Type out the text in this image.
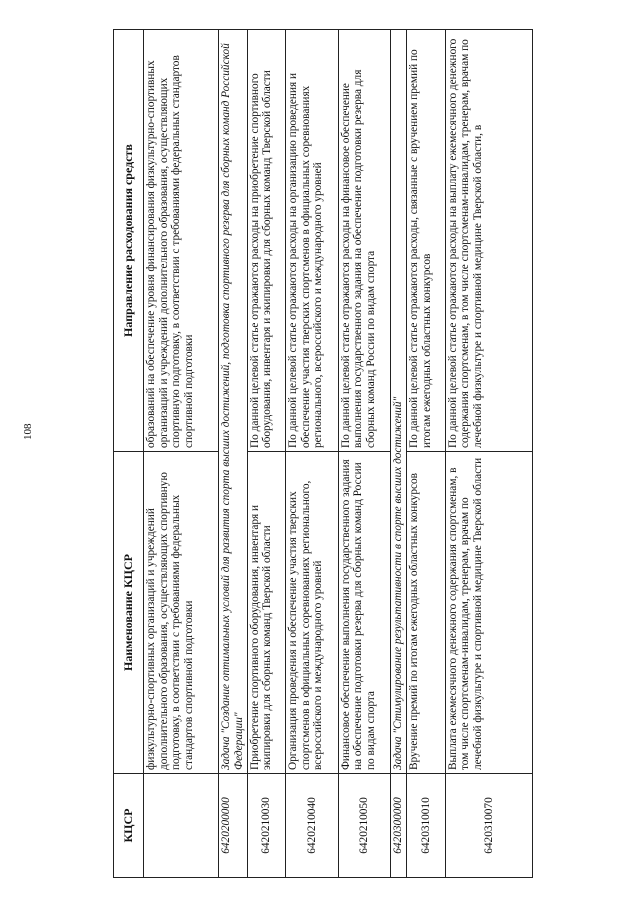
108
КЦСР	Наименование КЦСР	Направление расходования средств
	физкультурно-спортивных организаций и учреждений дополнительного образования, осуществляющих спортивную подготовку, в соответствии с требованиями федеральных стандартов спортивной подготовки	образований на обеспечение уровня финансирования физкультурно-спортивных организаций и учреждений дополнительного образования, осуществляющих спортивную подготовку, в соответствии с требованиями федеральных стандартов спортивной подготовки
6420200000	Задача "Создание оптимальных условий для развития спорта высших достижений, подготовка спортивного резерва для сборных команд Российской Федерации"	
6420210030	Приобретение спортивного оборудования, инвентаря и экипировки для сборных команд Тверской области	По данной целевой статье отражаются расходы на приобретение спортивного оборудования, инвентаря и экипировки для сборных команд Тверской области
6420210040	Организация проведения и обеспечение участия тверских спортсменов в официальных соревнованиях регионального, всероссийского и международного уровней	По данной целевой статье отражаются расходы на организацию проведения и обеспечение участия тверских спортсменов в официальных соревнованиях регионального, всероссийского и международного уровней
6420210050	Финансовое обеспечение выполнения государственного задания на обеспечение подготовки резерва для сборных команд России по видам спорта	По данной целевой статье отражаются расходы на финансовое обеспечение выполнения государственного задания на обеспечение подготовки резерва для сборных команд России по видам спорта
6420300000	Задача "Стимулирование результативности в спорте высших достижений"	
6420310010	Вручение премий по итогам ежегодных областных конкурсов	По данной целевой статье отражаются расходы, связанные с вручением премий по итогам ежегодных областных конкурсов
6420310070	Выплата ежемесячного денежного содержания спортсменам, в том числе спортсменам-инвалидам, тренерам, врачам по лечебной физкультуре и спортивной медицине Тверской области	По данной целевой статье отражаются расходы на выплату ежемесячного денежного содержания спортсменам, в том числе спортсменам-инвалидам, тренерам, врачам по лечебной физкультуре и спортивной медицине Тверской области, в
